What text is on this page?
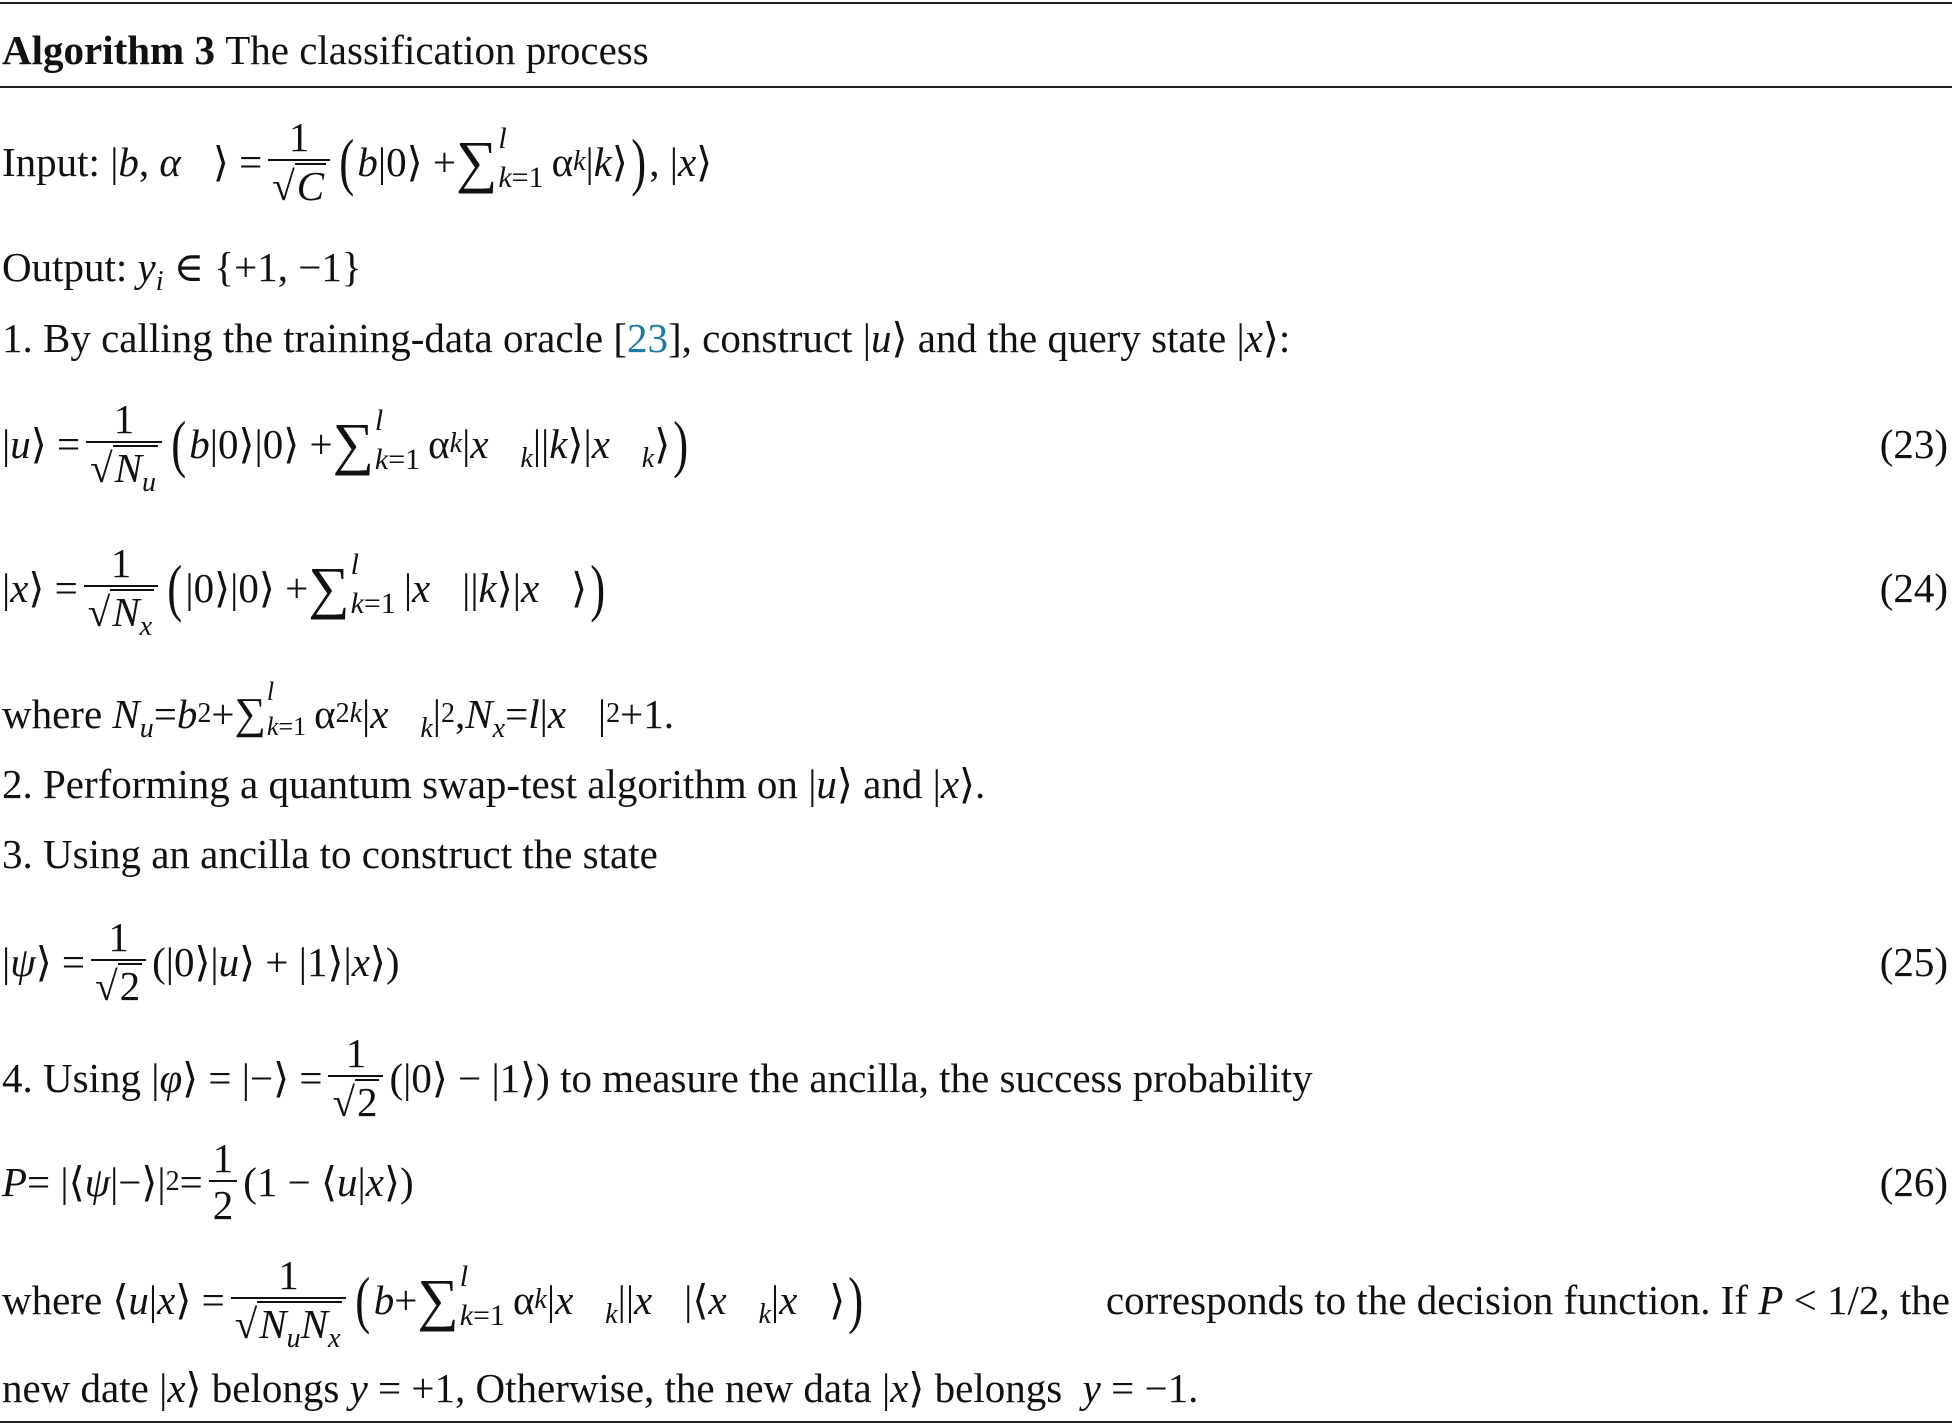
Algorithm 3
The classification process
Input: | b , α⃗ ⟩ = $\frac{1}{√ C}$ ( b |0⟩ + ∑ l
k=1 α k | k ⟩ ) , | x ⟩
Output:
$y_i$ ∈ {+1, −1}
1. By calling the training-data oracle [ 23 ], construct | u ⟩ and the query state | x ⟩:
| u ⟩ = $\frac{1}{√ N_u}$ ( b |0⟩|0⟩ + ∑ l
k=1 α k | $x⃗_k$ || k ⟩| $x⃗_k$ ⟩ )	(23)
| x ⟩ = $\frac{1}{√ N_x}$ ( |0⟩|0⟩ + ∑ l
k=1 | x⃗ || k ⟩| x⃗ ⟩ )	(24)
where
$N_u = b$ 2 + ∑ l
k=1 α 2 k | $x⃗_k$ | 2 , $N_x = l$ | x⃗ | 2 +1.
2. Performing a quantum swap-test algorithm on | u ⟩ and | x ⟩.
3. Using an ancilla to construct the state
| ψ ⟩ = $\frac{1}{√ 2}$ (|0⟩| u ⟩ + |1⟩| x ⟩)	(25)
4. Using | φ ⟩ = |−⟩ = $\frac{1}{√ 2}$ (|0⟩ − |1⟩) to measure the ancilla, the success probability
P = |⟨ ψ |−⟩| $2 = \frac{1}{2} (1$ − ⟨ u | x ⟩)	(26)
where ⟨ u | x ⟩ = $\frac{1}{√ N_uN_x}$ ( b + ∑ l
k=1 α k | $x⃗_k$ || x⃗ |⟨ $x⃗_k$ | x⃗ ⟩ )	corresponds to the decision function. If
P < 1/2, the
new date | x ⟩ belongs
y = +1, Otherwise, the new data | x ⟩ belongs
y = −1.
